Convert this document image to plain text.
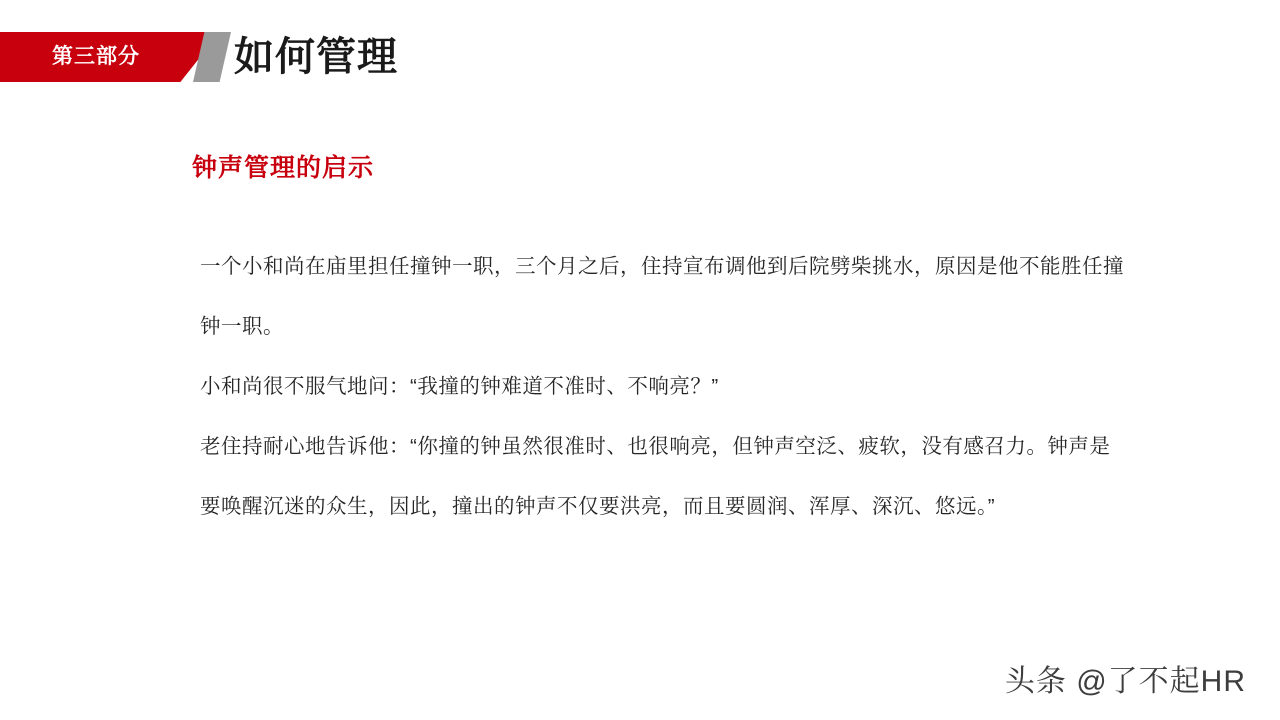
第三部分 如何管理
钟声管理的启示

一个小和尚在庙里担任撞钟一职，三个月之后，住持宣布调他到后院劈柴挑水，原因是他不能胜任撞钟一职。

小和尚很不服气地问：“我撞的钟难道不准时、不响亮？”

老住持耐心地告诉他：“你撞的钟虽然很准时、也很响亮，但钟声空泛、疲软，没有感召力。钟声是要唤醒沉迷的众生，因此，撞出的钟声不仅要洪亮，而且要圆润、浑厚、深沉、悠远。”

头条 @了不起HR
